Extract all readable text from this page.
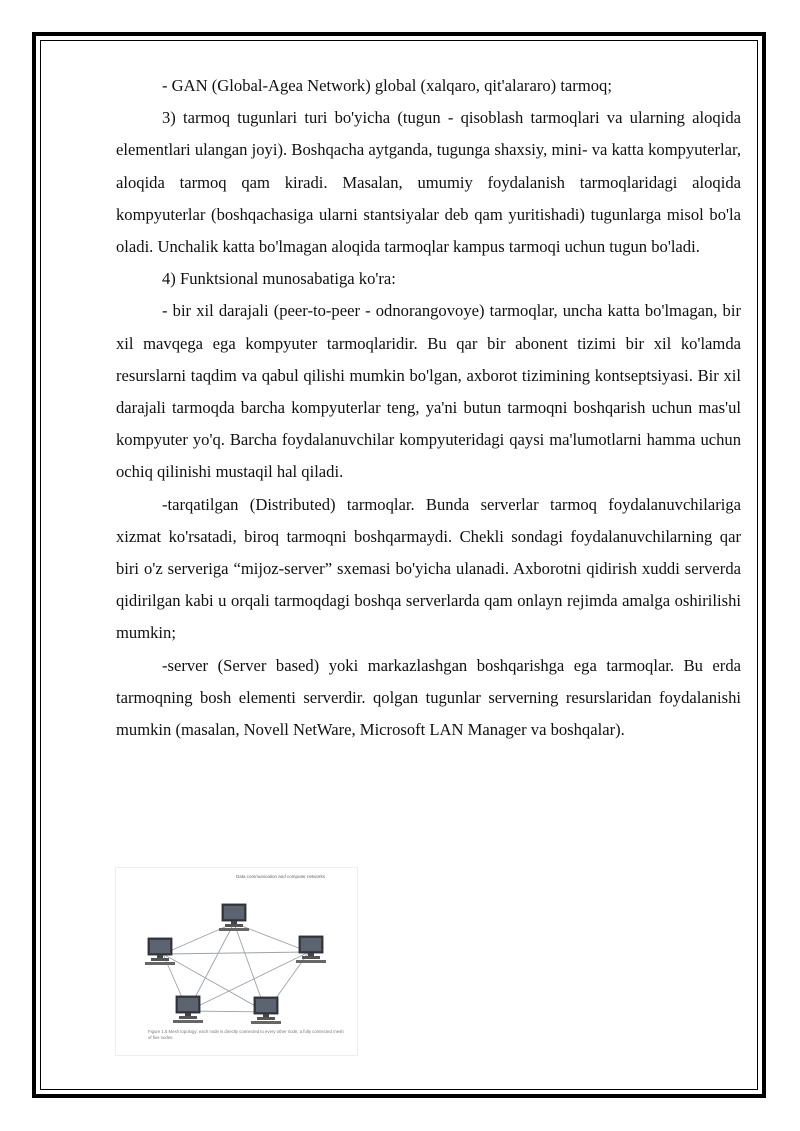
- GAN (Global-Agea Network) global (xalqaro, qit'alararo) tarmoq;

3) tarmoq tugunlari turi bo'yicha (tugun - qisoblash tarmoqlari va ularning aloqida elementlari ulangan joyi). Boshqacha aytganda, tugunga shaxsiy, mini- va katta kompyuterlar, aloqida tarmoq qam kiradi. Masalan, umumiy foydalanish tarmoqlaridagi aloqida kompyuterlar (boshqachasiga ularni stantsiyalar deb qam yuritishadi) tugunlarga misol bo'la oladi. Unchalik katta bo'lmagan aloqida tarmoqlar kampus tarmoqi uchun tugun bo'ladi.

4) Funktsional munosabatiga ko'ra:

- bir xil darajali (peer-to-peer - odnorangovoye) tarmoqlar, uncha katta bo'lmagan, bir xil mavqega ega kompyuter tarmoqlaridir. Bu qar bir abonent tizimi bir xil ko'lamda resurslarni taqdim va qabul qilishi mumkin bo'lgan, axborot tizimining kontseptsiyasi. Bir xil darajali tarmoqda barcha kompyuterlar teng, ya'ni butun tarmoqni boshqarish uchun mas'ul kompyuter yo'q. Barcha foydalanuvchilar kompyuteridagi qaysi ma'lumotlarni hamma uchun ochiq qilinishi mustaqil hal qiladi.

-tarqatilgan (Distributed) tarmoqlar. Bunda serverlar tarmoq foydalanuvchilariga xizmat ko'rsatadi, biroq tarmoqni boshqarmaydi. Chekli sondagi foydalanuvchilarning qar biri o'z serveriga “mijoz-server” sxemasi bo'yicha ulanadi. Axborotni qidirish xuddi serverda qidirilgan kabi u orqali tarmoqdagi boshqa serverlarda qam onlayn rejimda amalga oshirilishi mumkin;

-server (Server based) yoki markazlashgan boshqarishga ega tarmoqlar. Bu erda tarmoqning bosh elementi serverdir. qolgan tugunlar serverning resurslaridan foydalanishi mumkin (masalan, Novell NetWare, Microsoft LAN Manager va boshqalar).

Data communication and computer networks
Figure 1.5 Mesh topology: each node is directly connected to every other node; a fully connected mesh of five nodes.
